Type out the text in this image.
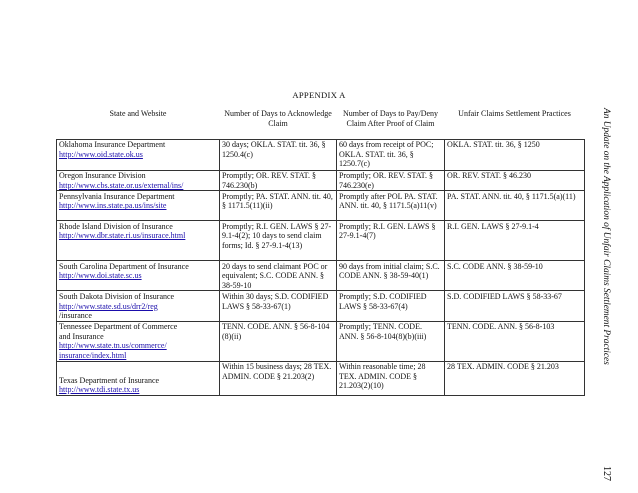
APPENDIX A
State and Website	Number of Days to Acknowledge Claim	Number of Days to Pay/Deny Claim After Proof of Claim	Unfair Claims Settlement Practices

Oklahoma Insurance Department
http://www.oid.state.ok.us	30 days; OKLA. STAT. tit. 36, § 1250.4(c)	60 days from receipt of POC; OKLA. STAT. tit. 36, § 1250.7(c)	OKLA. STAT. tit. 36, § 1250

Oregon Insurance Division
http://www.cbs.state.or.us/external/ins/	Promptly; OR. REV. STAT. § 746.230(b)	Promptly; OR. REV. STAT. § 746.230(e)	OR. REV. STAT. § 46.230

Pennsylvania Insurance Department
http://www.ins.state.pa.us/ins/site	Promptly; PA. STAT. ANN. tit. 40, § 1171.5(11)(ii)	Promptly after POL PA. STAT. ANN. tit. 40, § 1171.5(a)11(v)	PA. STAT. ANN. tit. 40, § 1171.5(a)(11)

Rhode Island Division of Insurance
http://www.dbr.state.ri.us/insurace.html	Promptly; R.I. GEN. LAWS § 27-9.1-4(2); 10 days to send claim forms; Id. § 27-9.1-4(13)	Promptly; R.I. GEN. LAWS § 27-9.1-4(7)	R.I. GEN. LAWS § 27-9.1-4

South Carolina Department of Insurance
http://www.doi.state.sc.us	20 days to send claimant POC or equivalent; S.C. CODE ANN. § 38-59-10	90 days from initial claim; S.C. CODE ANN. § 38-59-40(1)	S.C. CODE ANN. § 38-59-10

South Dakota Division of Insurance
http://www.state.sd.us/drr2/reg
/insurance	Within 30 days; S.D. CODIFIED LAWS § 58-33-67(1)	Promptly; S.D. CODIFIED LAWS § 58-33-67(4)	S.D. CODIFIED LAWS § 58-33-67

Tennessee Department of Commerce
and Insurance
http://www.state.tn.us/commerce/
insurance/index.html	TENN. CODE. ANN. § 56-8-104 (8)(ii)	Promptly; TENN. CODE. ANN. § 56-8-104(8)(b)(iii)	TENN. CODE. ANN. § 56-8-103

Texas Department of Insurance
http://www.tdi.state.tx.us	Within 15 business days; 28 TEX. ADMIN. CODE § 21.203(2)	Within reasonable time; 28 TEX. ADMIN. CODE § 21.203(2)(10)	28 TEX. ADMIN. CODE § 21.203
An Update on the Application of Unfair Claims Settlement Practices
127
